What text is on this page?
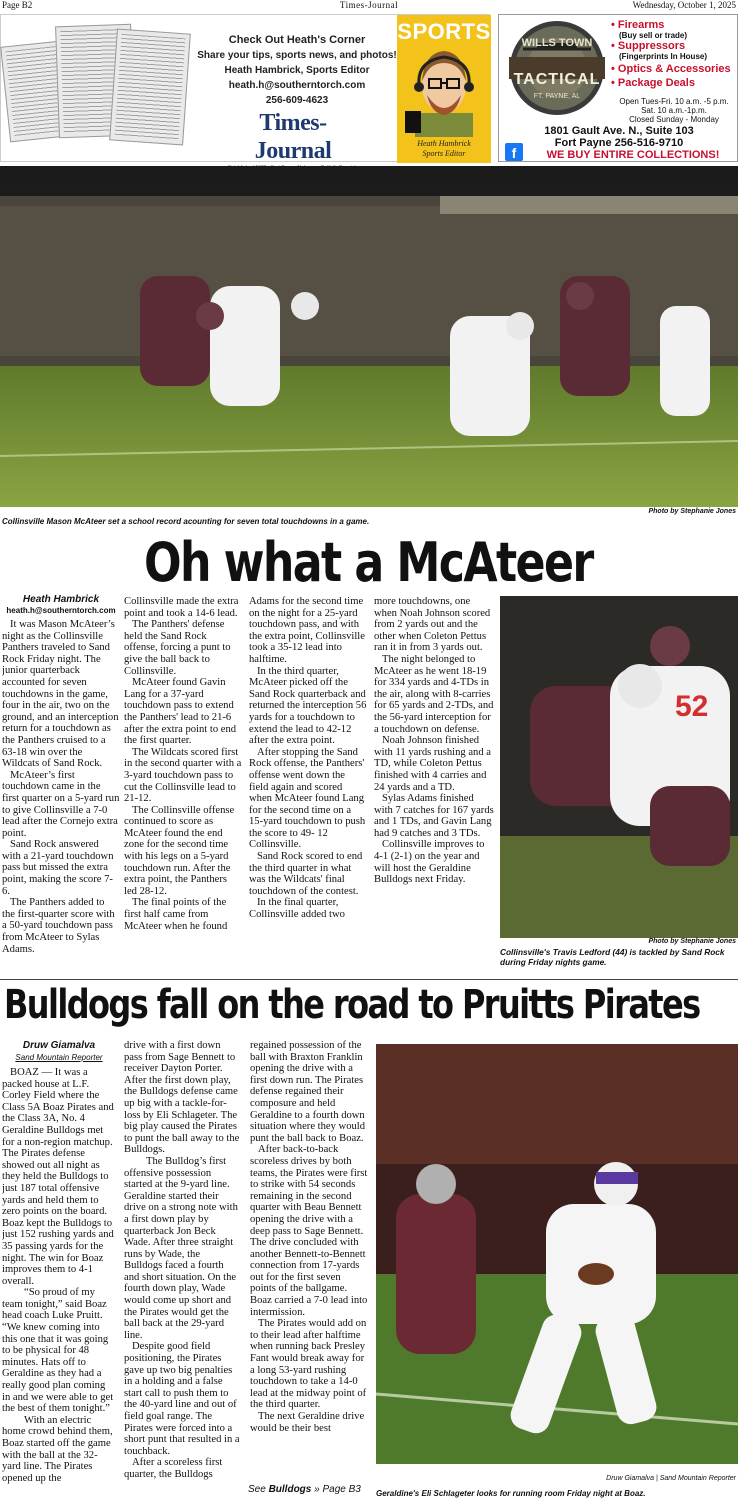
Page B2	Times-Journal	Wednesday, October 1, 2025
Check Out Heath's Corner
Share your tips, sports news, and photos!
Heath Hambrick, Sports Editor
heath.h@southerntorch.com
256-609-4623
Times-Journal
SPORTS
Heath Hambrick
Sports Editor
WILLS TOWN
TACTICAL
FT. PAYNE, AL
• Firearms
(Buy sell or trade)
• Suppressors
(Fingerprints In House)
• Optics & Accessories
• Package Deals
Open Tues-Fri. 10 a.m. -5 p.m.
Sat. 10 a.m.-1p.m.
Closed Sunday - Monday
1801 Gault Ave. N., Suite 103
Fort Payne 256-516-9710
f	WE BUY ENTIRE COLLECTIONS!
Photo by Stephanie Jones
Collinsville Mason McAteer set a school record acounting for seven total touchdowns in a game.
Oh what a McAteer
Heath Hambrick
heath.h@southerntorch.com

It was Mason McAteer’s night as the Collinsville Panthers traveled to Sand Rock Friday night. The junior quarterback accounted for seven touchdowns in the game, four in the air, two on the ground, and an interception return for a touchdown as the Panthers cruised to a 63-18 win over the Wildcats of Sand Rock.

McAteer’s first touchdown came in the first quarter on a 5-yard run to give Collinsville a 7-0 lead after the Cornejo extra point.

Sand Rock answered with a 21-yard touchdown pass but missed the extra point, making the score 7-6.

The Panthers added to the first-quarter score with a 50-yard touchdown pass from McAteer to Sylas Adams.

Collinsville made the extra point and took a 14-6 lead.

The Panthers' defense held the Sand Rock offense, forcing a punt to give the ball back to Collinsville.

McAteer found Gavin Lang for a 37-yard touchdown pass to extend the Panthers' lead to 21-6 after the extra point to end the first quarter.

The Wildcats scored first in the second quarter with a 3-yard touchdown pass to cut the Collinsville lead to 21-12.

The Collinsville offense continued to score as McAteer found the end zone for the second time with his legs on a 5-yard touchdown run. After the extra point, the Panthers led 28-12.

The final points of the first half came from McAteer when he found

Adams for the second time on the night for a 25-yard touchdown pass, and with the extra point, Collinsville took a 35-12 lead into halftime.

In the third quarter, McAteer picked off the Sand Rock quarterback and returned the interception 56 yards for a touchdown to extend the lead to 42-12 after the extra point.

After stopping the Sand Rock offense, the Panthers' offense went down the field again and scored when McAteer found Lang for the second time on a 15-yard touchdown to push the score to 49- 12 Collinsville.

Sand Rock scored to end the third quarter in what was the Wildcats' final touchdown of the contest.

In the final quarter, Collinsville added two

more touchdowns, one when Noah Johnson scored from 2 yards out and the other when Coleton Pettus ran it in from 3 yards out.

The night belonged to McAteer as he went 18-19 for 334 yards and 4-TDs in the air, along with 8-carries for 65 yards and 2-TDs, and the 56-yard interception for a touchdown on defense.

Noah Johnson finished with 11 yards rushing and a TD, while Coleton Pettus finished with 4 carries and 24 yards and a TD.

Sylas Adams finished with 7 catches for 167 yards and 1 TDs, and Gavin Lang had 9 catches and 3 TDs.

Collinsville improves to 4-1 (2-1) on the year and will host the Geraldine Bulldogs next Friday.

52
Photo by Stephanie Jones
Collinsville's Travis Ledford (44) is tackled by Sand Rock during Friday nights game.
Bulldogs fall on the road to Pruitts Pirates
Druw Giamalva
Sand Mountain Reporter

BOAZ — It was a packed house at L.F. Corley Field where the Class 5A Boaz Pirates and the Class 3A, No. 4 Geraldine Bulldogs met for a non-region matchup. The Pirates defense showed out all night as they held the Bulldogs to just 187 total offensive yards and held them to zero points on the board. Boaz kept the Bulldogs to just 152 rushing yards and 35 passing yards for the night. The win for Boaz improves them to 4-1 overall.

“So proud of my team tonight,” said Boaz head coach Luke Pruitt. “We knew coming into this one that it was going to be physical for 48 minutes. Hats off to Geraldine as they had a really good plan coming in and we were able to get the best of them tonight.”

With an electric home crowd behind them, Boaz started off the game with the ball at the 32-yard line. The Pirates opened up the

drive with a first down pass from Sage Bennett to receiver Dayton Porter. After the first down play, the Bulldogs defense came up big with a tackle-for-loss by Eli Schlageter. The big play caused the Pirates to punt the ball away to the Bulldogs.

The Bulldog’s first offensive possession started at the 9-yard line. Geraldine started their drive on a strong note with a first down play by quarterback Jon Beck Wade. After three straight runs by Wade, the Bulldogs faced a fourth and short situation. On the fourth down play, Wade would come up short and the Pirates would get the ball back at the 29-yard line.

Despite good field positioning, the Pirates gave up two big penalties in a holding and a false start call to push them to the 40-yard line and out of field goal range. The Pirates were forced into a short punt that resulted in a touchback.

After a scoreless first quarter, the Bulldogs

regained possession of the ball with Braxton Franklin opening the drive with a first down run. The Pirates defense regained their composure and held Geraldine to a fourth down situation where they would punt the ball back to Boaz.

After back-to-back scoreless drives by both teams, the Pirates were first to strike with 54 seconds remaining in the second quarter with Beau Bennett opening the drive with a deep pass to Sage Bennett. The drive concluded with another Bennett-to-Bennett connection from 17-yards out for the first seven points of the ballgame. Boaz carried a 7-0 lead into intermission.

The Pirates would add on to their lead after halftime when running back Presley Fant would break away for a long 53-yard rushing touchdown to take a 14-0 lead at the midway point of the third quarter.

The next Geraldine drive would be their best

See Bulldogs » Page B3
Druw Giamalva | Sand Mountain Reporter
Geraldine's Eli Schlageter looks for running room Friday night at Boaz.
